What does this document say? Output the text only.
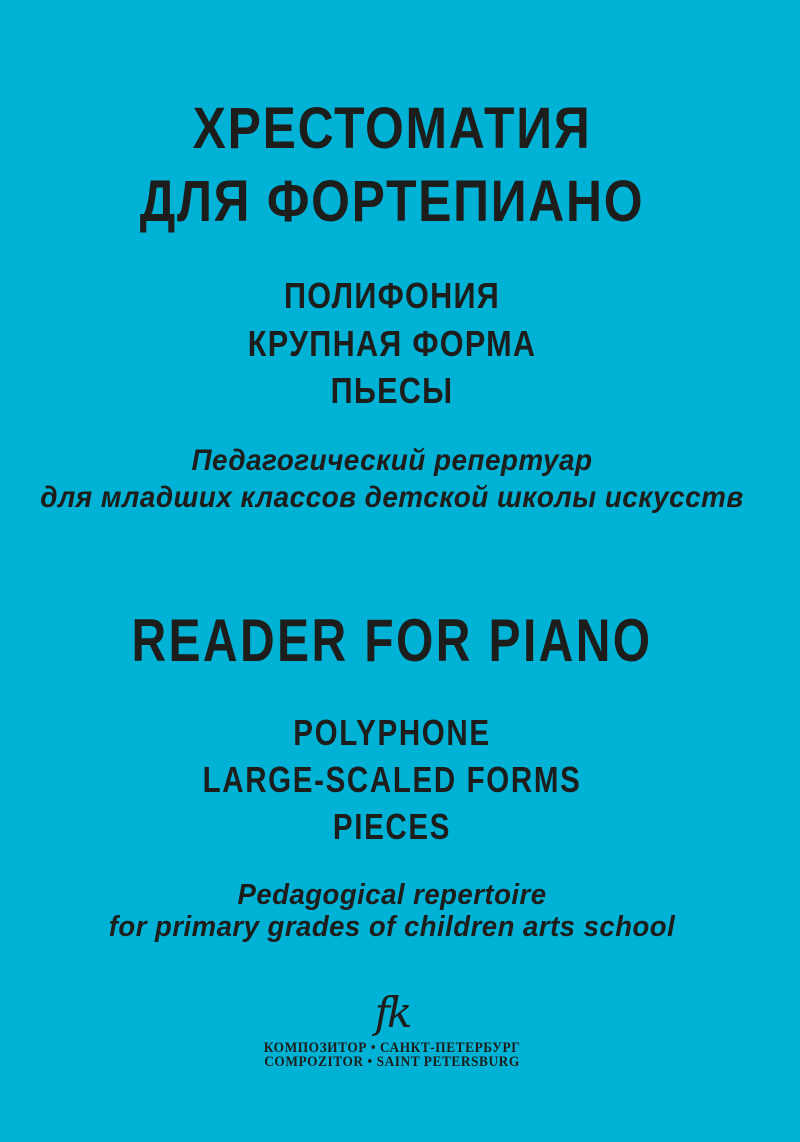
ХРЕСТОМАТИЯ
ДЛЯ ФОРТЕПИАНО
ПОЛИФОНИЯ
КРУПНАЯ ФОРМА
ПЬЕСЫ
Педагогический репертуар
для младших классов детской школы искусств
READER FOR PIANO
POLYPHONE
LARGE-SCALED FORMS
PIECES
Pedagogical repertoire
for primary grades of children arts school
fk
КОМПОЗИТОР • САНКТ-ПЕТЕРБУРГ
COMPOZITOR • SAINT PETERSBURG
